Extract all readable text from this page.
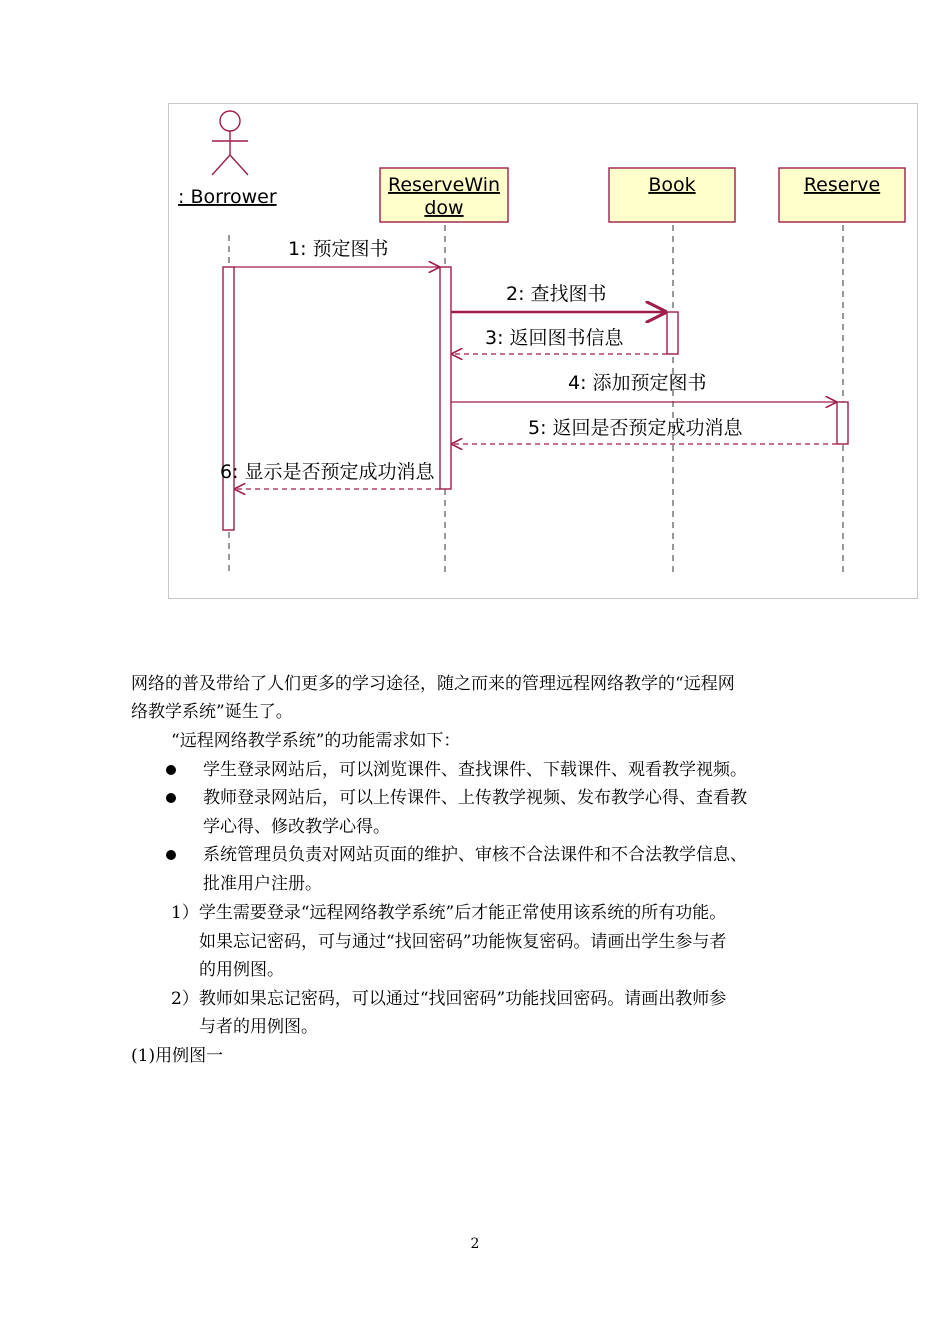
: Borrower
ReserveWin
dow
Book	Reserve
1: 预定图书
2: 查找图书
3: 返回图书信息
4: 添加预定图书
5: 返回是否预定成功消息
6: 显示是否预定成功消息

网络的普及带给了人们更多的学习途径，随之而来的管理远程网络教学的“远程网

络教学系统”诞生了。

“远程网络教学系统”的功能需求如下：

学生登录网站后，可以浏览课件、查找课件、下载课件、观看教学视频。

教师登录网站后，可以上传课件、上传教学视频、发布教学心得、查看教

学心得、修改教学心得。

系统管理员负责对网站页面的维护、审核不合法课件和不合法教学信息、

批准用户注册。

1）学生需要登录“远程网络教学系统”后才能正常使用该系统的所有功能。

如果忘记密码，可与通过“找回密码”功能恢复密码。请画出学生参与者

的用例图。

2）教师如果忘记密码，可以通过“找回密码”功能找回密码。请画出教师参

与者的用例图。

(1)用例图一

2
